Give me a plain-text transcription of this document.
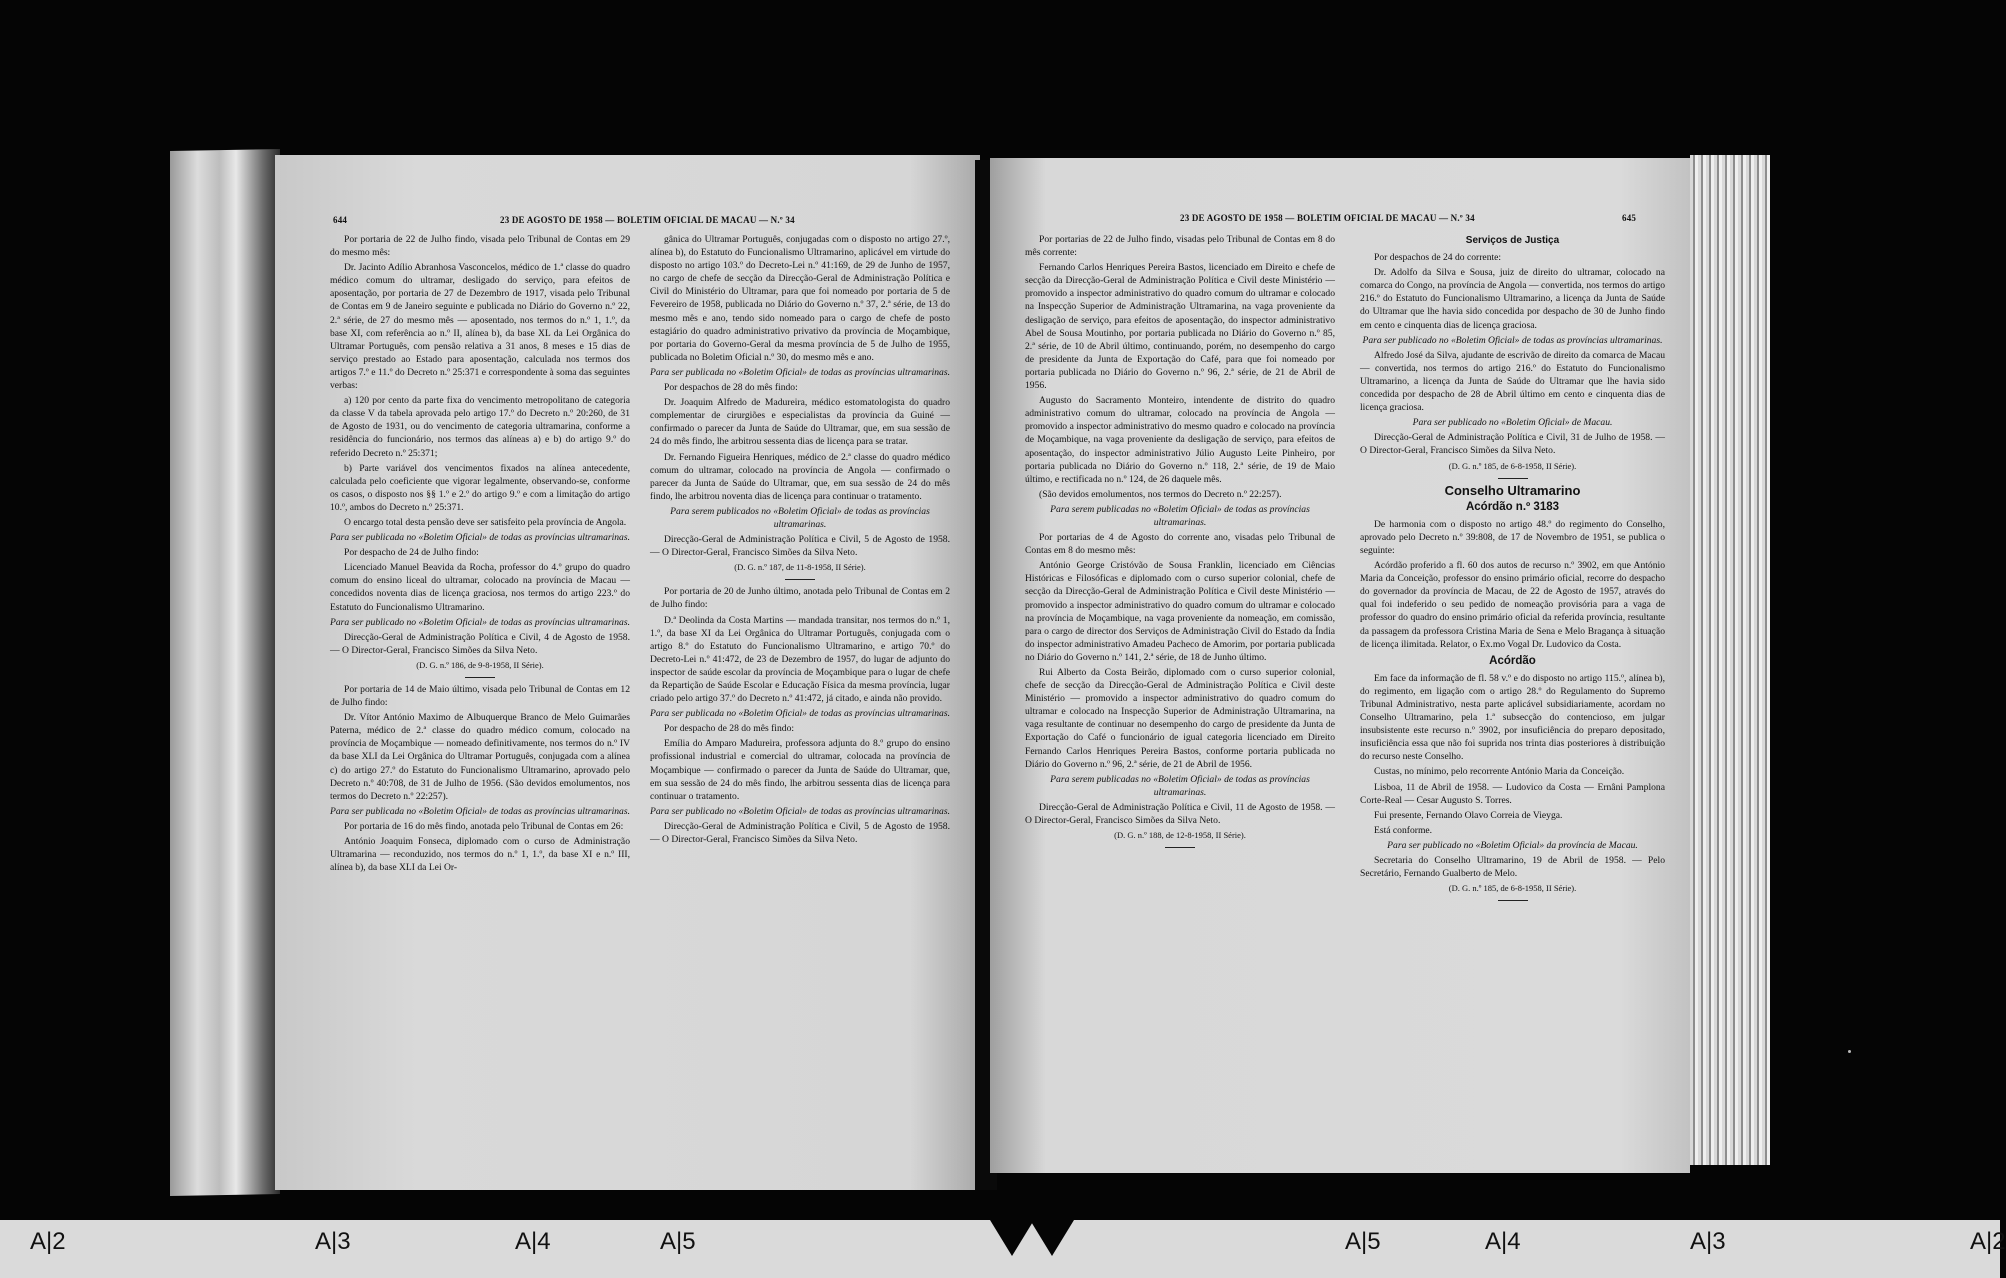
644	23 DE AGOSTO DE 1958 — BOLETIM OFICIAL DE MACAU — N.º 34

Por portaria de 22 de Julho findo, visada pelo Tribunal de Contas em 29 do mesmo mês:

Dr. Jacinto Adílio Abranhosa Vasconcelos, médico de 1.ª classe do quadro médico comum do ultramar, desligado do serviço, para efeitos de aposentação, por portaria de 27 de Dezembro de 1917, visada pelo Tribunal de Contas em 9 de Janeiro seguinte e publicada no Diário do Governo n.º 22, 2.ª série, de 27 do mesmo mês — aposentado, nos termos do n.º 1, 1.º, da base XI, com referência ao n.º II, alínea b), da base XL da Lei Orgânica do Ultramar Português, com pensão relativa a 31 anos, 8 meses e 15 dias de serviço prestado ao Estado para aposentação, calculada nos termos dos artigos 7.º e 11.º do Decreto n.º 25:371 e correspondente à soma das seguintes verbas:

a) 120 por cento da parte fixa do vencimento metropolitano de categoria da classe V da tabela aprovada pelo artigo 17.º do Decreto n.º 20:260, de 31 de Agosto de 1931, ou do vencimento de categoria ultramarina, conforme a residência do funcionário, nos termos das alíneas a) e b) do artigo 9.º do referido Decreto n.º 25:371;

b) Parte variável dos vencimentos fixados na alínea antecedente, calculada pelo coeficiente que vigorar legalmente, observando-se, conforme os casos, o disposto nos §§ 1.º e 2.º do artigo 9.º e com a limitação do artigo 10.º, ambos do Decreto n.º 25:371.

O encargo total desta pensão deve ser satisfeito pela província de Angola.

Para ser publicada no «Boletim Oficial» de todas as províncias ultramarinas.

Por despacho de 24 de Julho findo:

Licenciado Manuel Beavida da Rocha, professor do 4.º grupo do quadro comum do ensino liceal do ultramar, colocado na província de Macau — concedidos noventa dias de licença graciosa, nos termos do artigo 223.º do Estatuto do Funcionalismo Ultramarino.

Para ser publicado no «Boletim Oficial» de todas as províncias ultramarinas.

Direcção-Geral de Administração Política e Civil, 4 de Agosto de 1958. — O Director-Geral, Francisco Simões da Silva Neto.

(D. G. n.º 186, de 9-8-1958, II Série).

Por portaria de 14 de Maio último, visada pelo Tribunal de Contas em 12 de Julho findo:

Dr. Vítor António Maximo de Albuquerque Branco de Melo Guimarães Paterna, médico de 2.ª classe do quadro médico comum, colocado na província de Moçambique — nomeado definitivamente, nos termos do n.º IV da base XLI da Lei Orgânica do Ultramar Português, conjugada com a alínea c) do artigo 27.º do Estatuto do Funcionalismo Ultramarino, aprovado pelo Decreto n.º 40:708, de 31 de Julho de 1956. (São devidos emolumentos, nos termos do Decreto n.º 22:257).

Para ser publicada no «Boletim Oficial» de todas as províncias ultramarinas.

Por portaria de 16 do mês findo, anotada pelo Tribunal de Contas em 26:

António Joaquim Fonseca, diplomado com o curso de Administração Ultramarina — reconduzido, nos termos do n.º 1, 1.º, da base XI e n.º III, alínea b), da base XLI da Lei Or-

gânica do Ultramar Português, conjugadas com o disposto no artigo 27.º, alínea b), do Estatuto do Funcionalismo Ultramarino, aplicável em virtude do disposto no artigo 103.º do Decreto-Lei n.º 41:169, de 29 de Junho de 1957, no cargo de chefe de secção da Direcção-Geral de Administração Política e Civil do Ministério do Ultramar, para que foi nomeado por portaria de 5 de Fevereiro de 1958, publicada no Diário do Governo n.º 37, 2.ª série, de 13 do mesmo mês e ano, tendo sido nomeado para o cargo de chefe de posto estagiário do quadro administrativo privativo da província de Moçambique, por portaria do Governo-Geral da mesma província de 5 de Julho de 1955, publicada no Boletim Oficial n.º 30, do mesmo mês e ano.

Para ser publicada no «Boletim Oficial» de todas as províncias ultramarinas.

Por despachos de 28 do mês findo:

Dr. Joaquim Alfredo de Madureira, médico estomatologista do quadro complementar de cirurgiões e especialistas da província da Guiné — confirmado o parecer da Junta de Saúde do Ultramar, que, em sua sessão de 24 do mês findo, lhe arbitrou sessenta dias de licença para se tratar.

Dr. Fernando Figueira Henriques, médico de 2.ª classe do quadro médico comum do ultramar, colocado na província de Angola — confirmado o parecer da Junta de Saúde do Ultramar, que, em sua sessão de 24 do mês findo, lhe arbitrou noventa dias de licença para continuar o tratamento.

Para serem publicados no «Boletim Oficial» de todas as províncias ultramarinas.

Direcção-Geral de Administração Política e Civil, 5 de Agosto de 1958. — O Director-Geral, Francisco Simões da Silva Neto.

(D. G. n.º 187, de 11-8-1958, II Série).

Por portaria de 20 de Junho último, anotada pelo Tribunal de Contas em 2 de Julho findo:

D.ª Deolinda da Costa Martins — mandada transitar, nos termos do n.º 1, 1.º, da base XI da Lei Orgânica do Ultramar Português, conjugada com o artigo 8.º do Estatuto do Funcionalismo Ultramarino, e artigo 70.º do Decreto-Lei n.º 41:472, de 23 de Dezembro de 1957, do lugar de adjunto do inspector de saúde escolar da província de Moçambique para o lugar de chefe da Repartição de Saúde Escolar e Educação Física da mesma província, lugar criado pelo artigo 37.º do Decreto n.º 41:472, já citado, e ainda não provido.

Para ser publicada no «Boletim Oficial» de todas as províncias ultramarinas.

Por despacho de 28 do mês findo:

Emília do Amparo Madureira, professora adjunta do 8.º grupo do ensino profissional industrial e comercial do ultramar, colocada na província de Moçambique — confirmado o parecer da Junta de Saúde do Ultramar, que, em sua sessão de 24 do mês findo, lhe arbitrou sessenta dias de licença para continuar o tratamento.

Para ser publicado no «Boletim Oficial» de todas as províncias ultramarinas.

Direcção-Geral de Administração Política e Civil, 5 de Agosto de 1958. — O Director-Geral, Francisco Simões da Silva Neto.

23 DE AGOSTO DE 1958 — BOLETIM OFICIAL DE MACAU — N.º 34	645

Por portarias de 22 de Julho findo, visadas pelo Tribunal de Contas em 8 do mês corrente:

Fernando Carlos Henriques Pereira Bastos, licenciado em Direito e chefe de secção da Direcção-Geral de Administração Política e Civil deste Ministério — promovido a inspector administrativo do quadro comum do ultramar e colocado na Inspecção Superior de Administração Ultramarina, na vaga proveniente da desligação de serviço, para efeitos de aposentação, do inspector administrativo Abel de Sousa Moutinho, por portaria publicada no Diário do Governo n.º 85, 2.ª série, de 10 de Abril último, continuando, porém, no desempenho do cargo de presidente da Junta de Exportação do Café, para que foi nomeado por portaria publicada no Diário do Governo n.º 96, 2.ª série, de 21 de Abril de 1956.

Augusto do Sacramento Monteiro, intendente de distrito do quadro administrativo comum do ultramar, colocado na província de Angola — promovido a inspector administrativo do mesmo quadro e colocado na província de Moçambique, na vaga proveniente da desligação de serviço, para efeitos de aposentação, do inspector administrativo Júlio Augusto Leite Pinheiro, por portaria publicada no Diário do Governo n.º 118, 2.ª série, de 19 de Maio último, e rectificada no n.º 124, de 26 daquele mês.

(São devidos emolumentos, nos termos do Decreto n.º 22:257).

Para serem publicadas no «Boletim Oficial» de todas as províncias ultramarinas.

Por portarias de 4 de Agosto do corrente ano, visadas pelo Tribunal de Contas em 8 do mesmo mês:

António George Cristóvão de Sousa Franklin, licenciado em Ciências Históricas e Filosóficas e diplomado com o curso superior colonial, chefe de secção da Direcção-Geral de Administração Política e Civil deste Ministério — promovido a inspector administrativo do quadro comum do ultramar e colocado na província de Moçambique, na vaga proveniente da nomeação, em comissão, para o cargo de director dos Serviços de Administração Civil do Estado da Índia do inspector administrativo Amadeu Pacheco de Amorim, por portaria publicada no Diário do Governo n.º 141, 2.ª série, de 18 de Junho último.

Rui Alberto da Costa Beirão, diplomado com o curso superior colonial, chefe de secção da Direcção-Geral de Administração Política e Civil deste Ministério — promovido a inspector administrativo do quadro comum do ultramar e colocado na Inspecção Superior de Administração Ultramarina, na vaga resultante de continuar no desempenho do cargo de presidente da Junta de Exportação do Café o funcionário de igual categoria licenciado em Direito Fernando Carlos Henriques Pereira Bastos, conforme portaria publicada no Diário do Governo n.º 96, 2.ª série, de 21 de Abril de 1956.

Para serem publicadas no «Boletim Oficial» de todas as províncias ultramarinas.

Direcção-Geral de Administração Política e Civil, 11 de Agosto de 1958. — O Director-Geral, Francisco Simões da Silva Neto.

(D. G. n.º 188, de 12-8-1958, II Série).

Serviços de Justiça

Por despachos de 24 do corrente:

Dr. Adolfo da Silva e Sousa, juiz de direito do ultramar, colocado na comarca do Congo, na província de Angola — convertida, nos termos do artigo 216.º do Estatuto do Funcionalismo Ultramarino, a licença da Junta de Saúde do Ultramar que lhe havia sido concedida por despacho de 30 de Junho findo em cento e cinquenta dias de licença graciosa.

Para ser publicado no «Boletim Oficial» de todas as províncias ultramarinas.

Alfredo José da Silva, ajudante de escrivão de direito da comarca de Macau — convertida, nos termos do artigo 216.º do Estatuto do Funcionalismo Ultramarino, a licença da Junta de Saúde do Ultramar que lhe havia sido concedida por despacho de 28 de Abril último em cento e cinquenta dias de licença graciosa.

Para ser publicado no «Boletim Oficial» de Macau.

Direcção-Geral de Administração Política e Civil, 31 de Julho de 1958. — O Director-Geral, Francisco Simões da Silva Neto.

(D. G. n.º 185, de 6-8-1958, II Série).

Conselho Ultramarino
Acórdão n.º 3183

De harmonia com o disposto no artigo 48.º do regimento do Conselho, aprovado pelo Decreto n.º 39:808, de 17 de Novembro de 1951, se publica o seguinte:

Acórdão proferido a fl. 60 dos autos de recurso n.º 3902, em que António Maria da Conceição, professor do ensino primário oficial, recorre do despacho do governador da província de Macau, de 22 de Agosto de 1957, através do qual foi indeferido o seu pedido de nomeação provisória para a vaga de professor do quadro do ensino primário oficial da referida província, resultante da passagem da professora Cristina Maria de Sena e Melo Bragança à situação de licença ilimitada. Relator, o Ex.mo Vogal Dr. Ludovico da Costa.

Acórdão

Em face da informação de fl. 58 v.º e do disposto no artigo 115.º, alínea b), do regimento, em ligação com o artigo 28.º do Regulamento do Supremo Tribunal Administrativo, nesta parte aplicável subsidiariamente, acordam no Conselho Ultramarino, pela 1.ª subsecção do contencioso, em julgar insubsistente este recurso n.º 3902, por insuficiência do preparo depositado, insuficiência essa que não foi suprida nos trinta dias posteriores à distribuição do recurso neste Conselho.

Custas, no mínimo, pelo recorrente António Maria da Conceição.

Lisboa, 11 de Abril de 1958. — Ludovico da Costa — Ernâni Pamplona Corte-Real — Cesar Augusto S. Torres.

Fui presente, Fernando Olavo Correia de Vieyga.

Está conforme.

Para ser publicado no «Boletim Oficial» da província de Macau.

Secretaria do Conselho Ultramarino, 19 de Abril de 1958. — Pelo Secretário, Fernando Gualberto de Melo.

(D. G. n.º 185, de 6-8-1958, II Série).

A|2	A|3	A|4	A|5	A|5	A|4	A|3	A|2
